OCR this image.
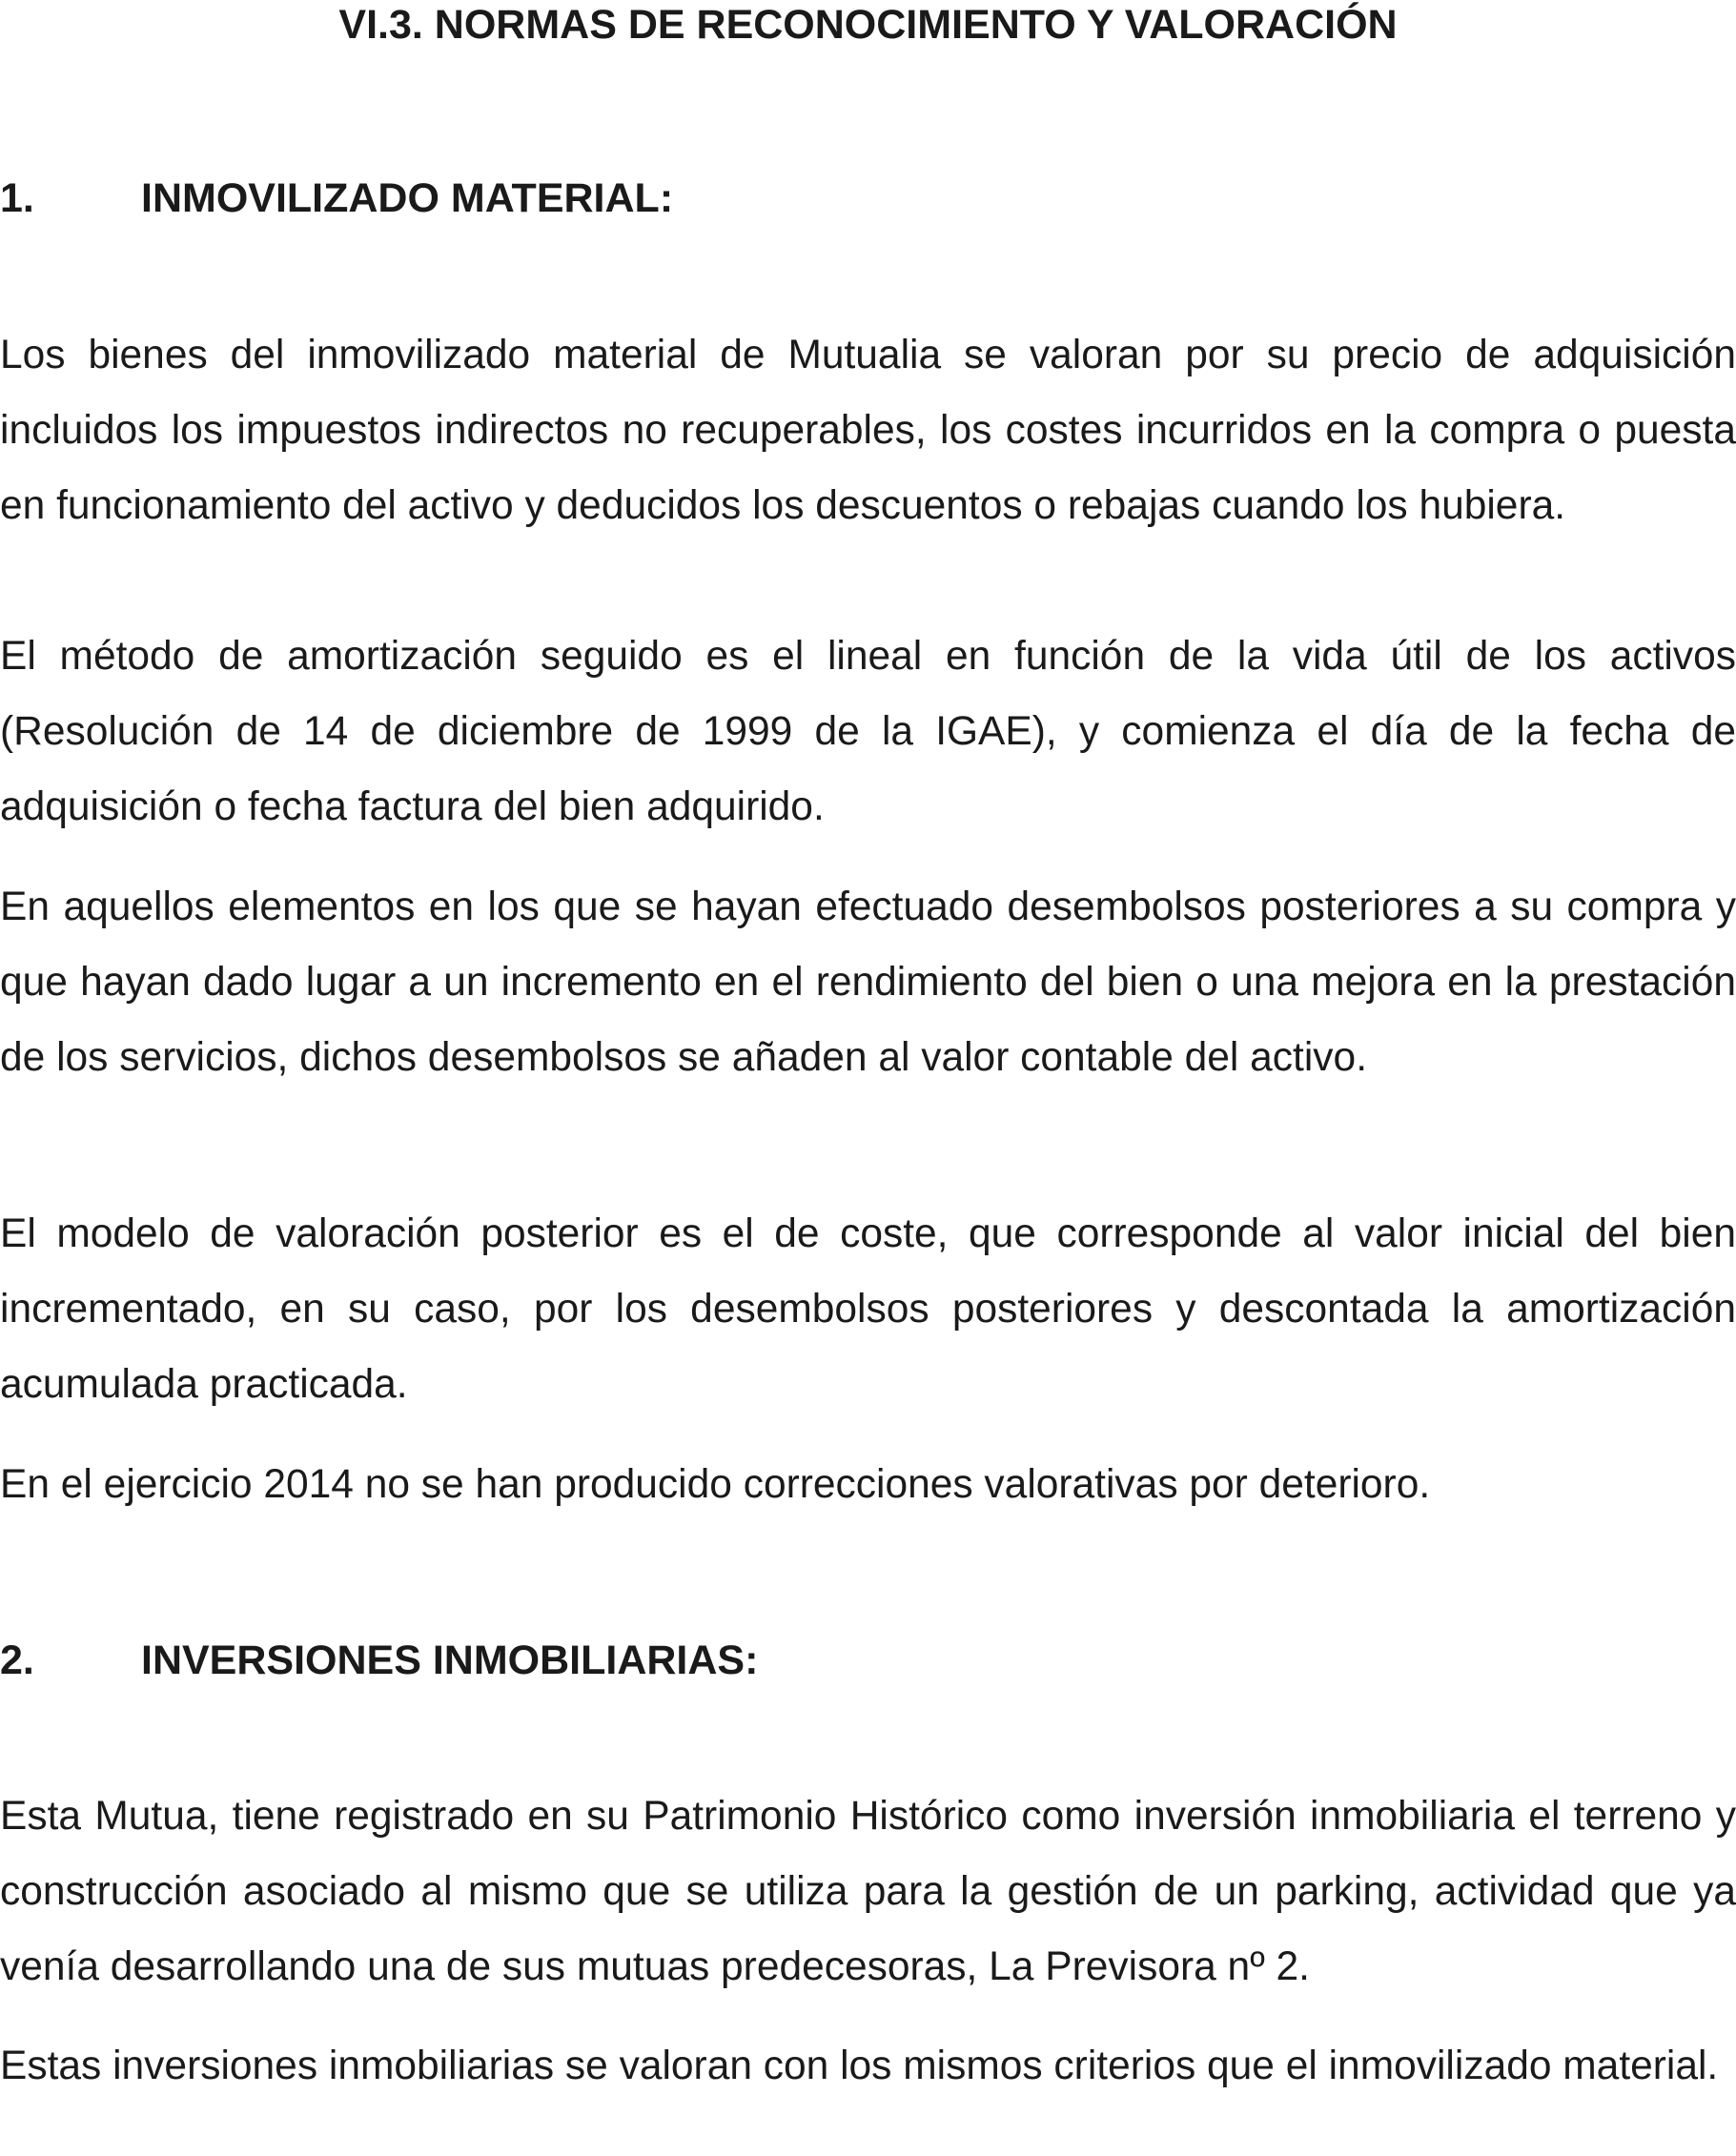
VI.3. NORMAS DE RECONOCIMIENTO Y VALORACIÓN
1.	INMOVILIZADO MATERIAL:

Los bienes del inmovilizado material de Mutualia se valoran por su precio de adquisición incluidos los impuestos indirectos no recuperables, los costes incurridos en la compra o puesta en funcionamiento del activo y deducidos los descuentos o rebajas cuando los hubiera.

El método de amortización seguido es el lineal en función de la vida útil de los activos (Resolución de 14 de diciembre de 1999 de la IGAE), y comienza el día de la fecha de adquisición o fecha factura del bien adquirido.

En aquellos elementos en los que se hayan efectuado desembolsos posteriores a su compra y que hayan dado lugar a un incremento en el rendimiento del bien o una mejora en la prestación de los servicios, dichos desembolsos se añaden al valor contable del activo.

El modelo de valoración posterior es el de coste, que corresponde al valor inicial del bien incrementado, en su caso, por los desembolsos posteriores y descontada la amortización acumulada practicada.

En el ejercicio 2014 no se han producido correcciones valorativas por deterioro.

2.	INVERSIONES INMOBILIARIAS:

Esta Mutua, tiene registrado en su Patrimonio Histórico como inversión inmobiliaria el terreno y construcción asociado al mismo que se utiliza para la gestión de un parking, actividad que ya venía desarrollando una de sus mutuas predecesoras, La Previsora nº 2.

Estas inversiones inmobiliarias se valoran con los mismos criterios que el inmovilizado material.
